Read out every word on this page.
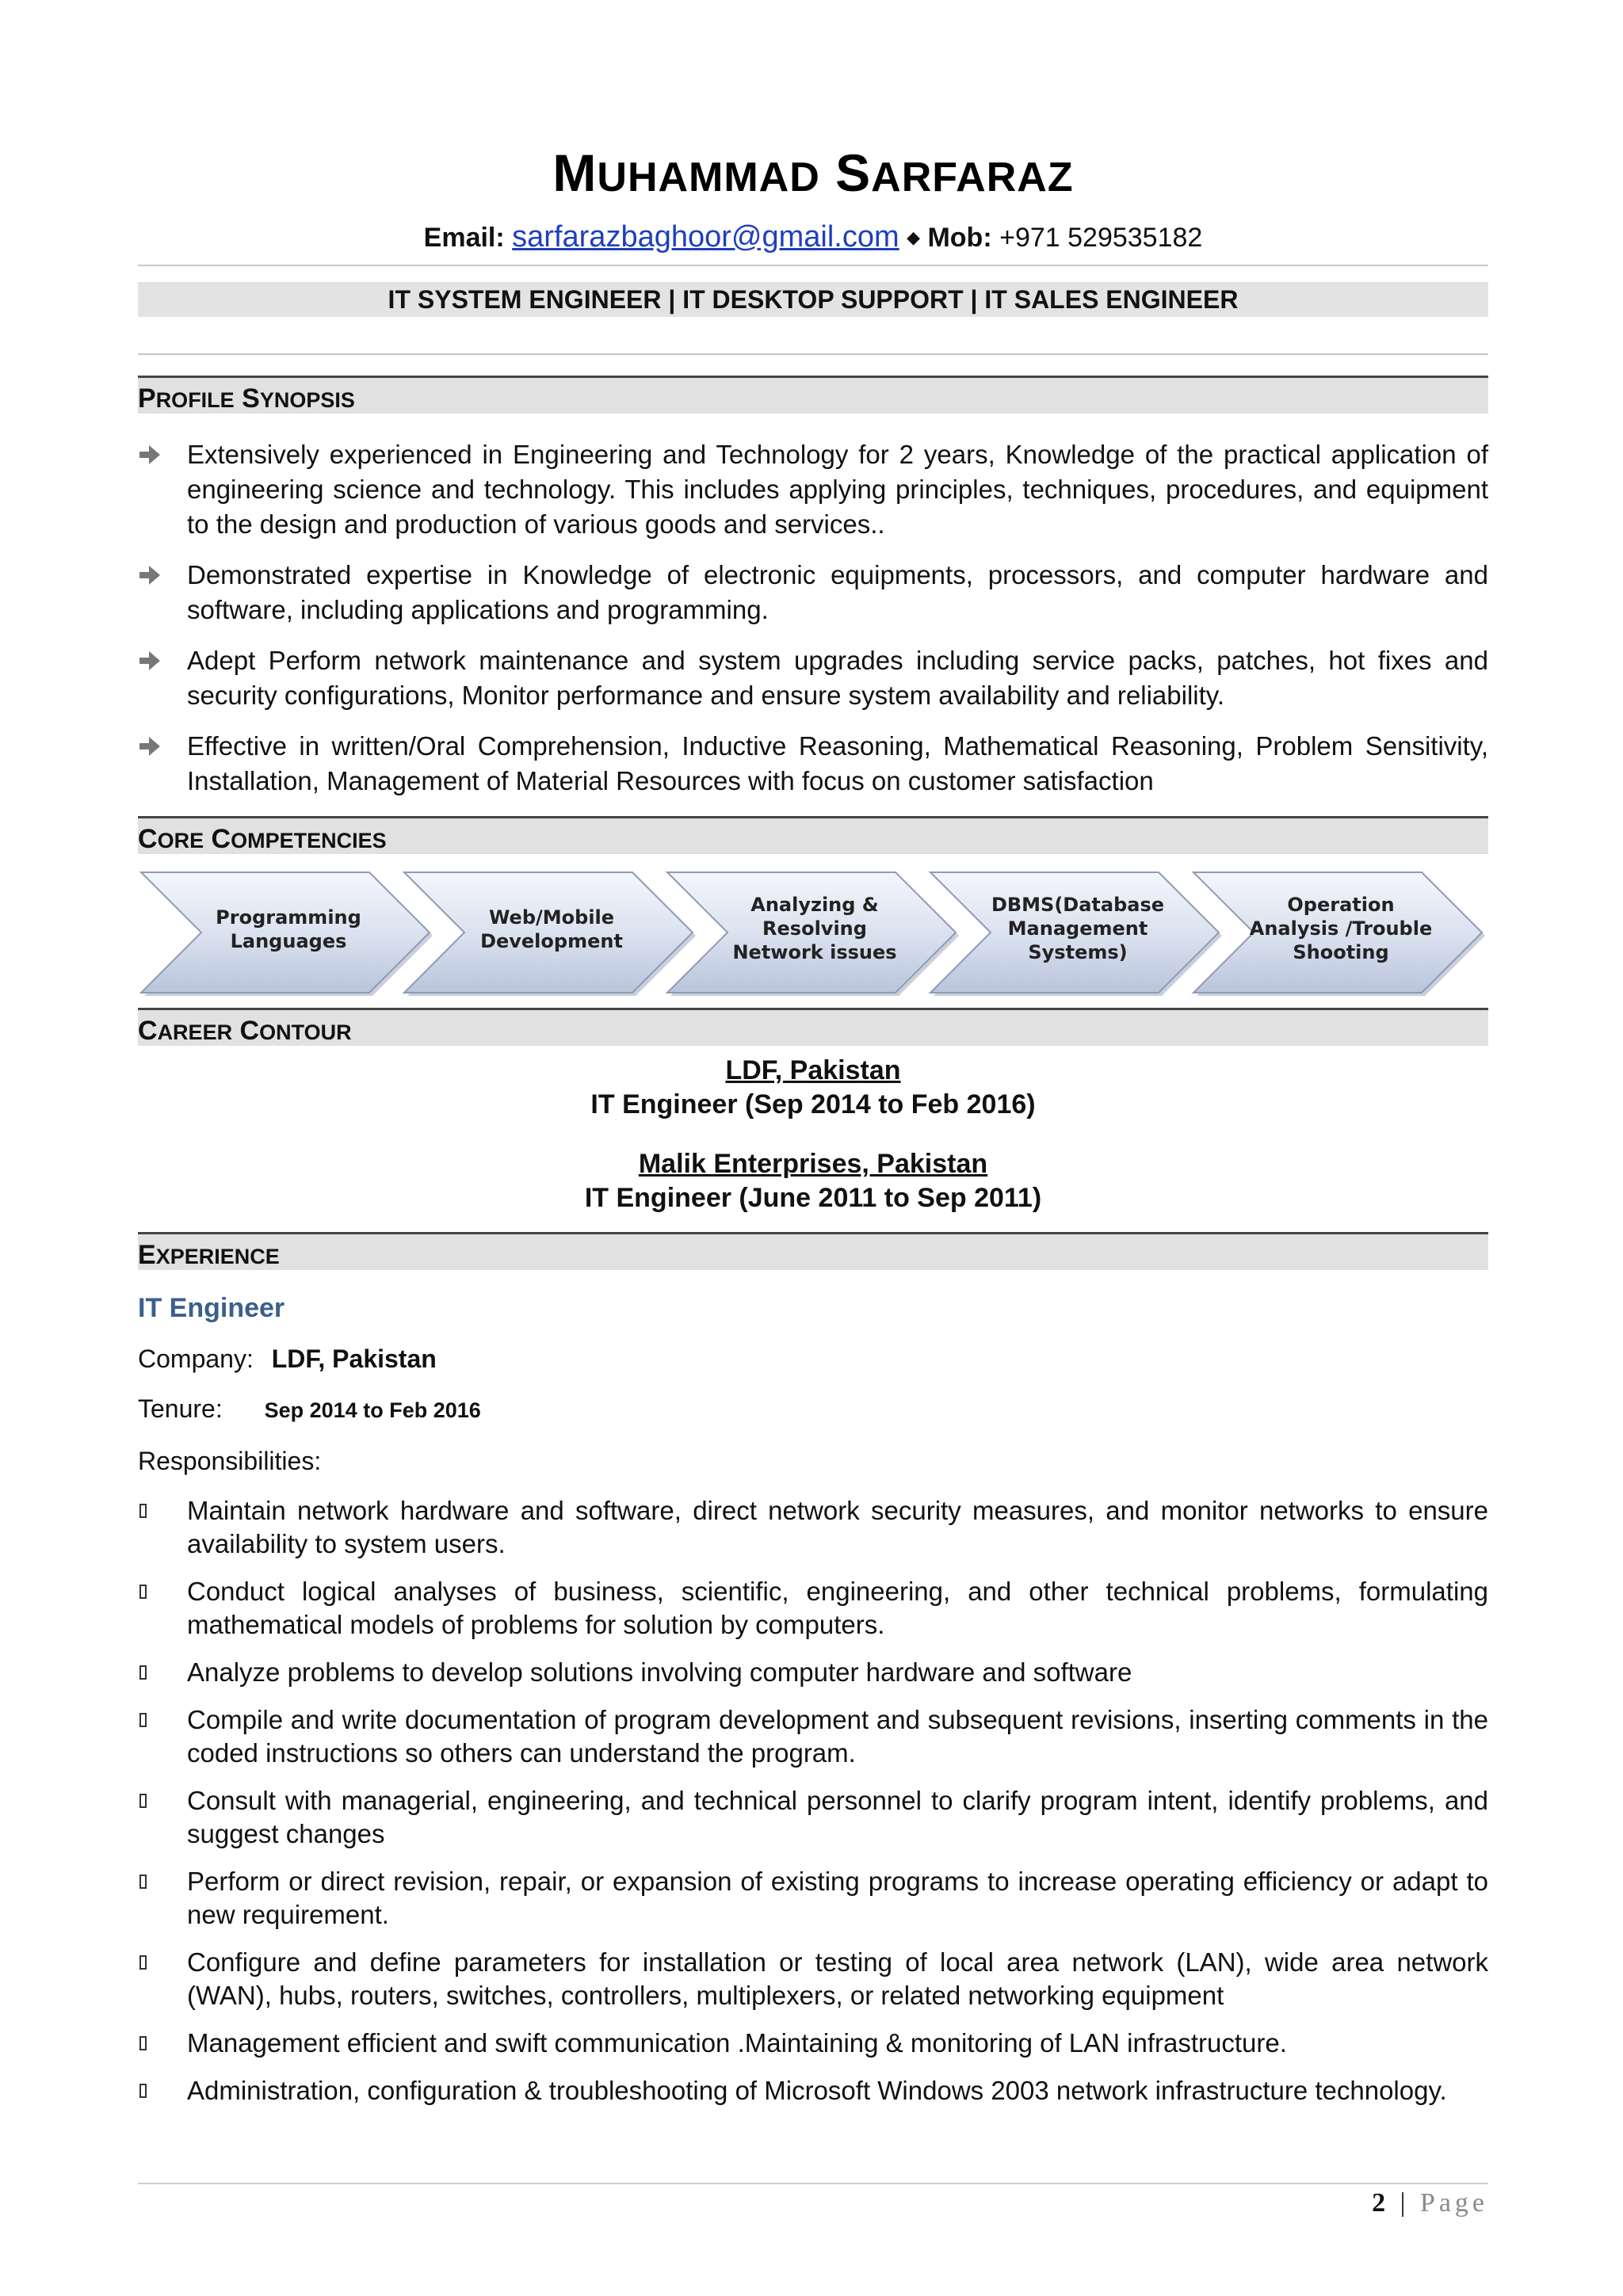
MUHAMMAD SARFARAZ
Email: sarfarazbaghoor@gmail.com ◆ Mob: +971 529535182
IT SYSTEM ENGINEER | IT DESKTOP SUPPORT | IT SALES ENGINEER
PROFILE SYNOPSIS
Extensively experienced in Engineering and Technology for 2 years, Knowledge of the practical application of engineering science and technology. This includes applying principles, techniques, procedures, and equipment to the design and production of various goods and services..
Demonstrated expertise in Knowledge of electronic equipments, processors, and computer hardware and software, including applications and programming.
Adept Perform network maintenance and system upgrades including service packs, patches, hot fixes and security configurations, Monitor performance and ensure system availability and reliability.
Effective in written/Oral Comprehension, Inductive Reasoning, Mathematical Reasoning, Problem Sensitivity, Installation, Management of Material Resources with focus on customer satisfaction
CORE COMPETENCIES
Programming
Languages
Web/Mobile
Development
Analyzing &
Resolving
Network issues
DBMS(Database
Management
Systems)
Operation
Analysis /Trouble
Shooting
CAREER CONTOUR
LDF, Pakistan
IT Engineer (Sep 2014 to Feb 2016)
Malik Enterprises, Pakistan
IT Engineer (June 2011 to Sep 2011)
EXPERIENCE
IT Engineer
Company: LDF, Pakistan
Tenure: Sep 2014 to Feb 2016
Responsibilities:
Maintain network hardware and software, direct network security measures, and monitor networks to ensure availability to system users.
Conduct logical analyses of business, scientific, engineering, and other technical problems, formulating mathematical models of problems for solution by computers.
Analyze problems to develop solutions involving computer hardware and software
Compile and write documentation of program development and subsequent revisions, inserting comments in the coded instructions so others can understand the program.
Consult with managerial, engineering, and technical personnel to clarify program intent, identify problems, and suggest changes
Perform or direct revision, repair, or expansion of existing programs to increase operating efficiency or adapt to new requirement.
Configure and define parameters for installation or testing of local area network (LAN), wide area network (WAN), hubs, routers, switches, controllers, multiplexers, or related networking equipment
Management efficient and swift communication .Maintaining & monitoring of LAN infrastructure.
Administration, configuration & troubleshooting of Microsoft Windows 2003 network infrastructure technology.
2 | Page
